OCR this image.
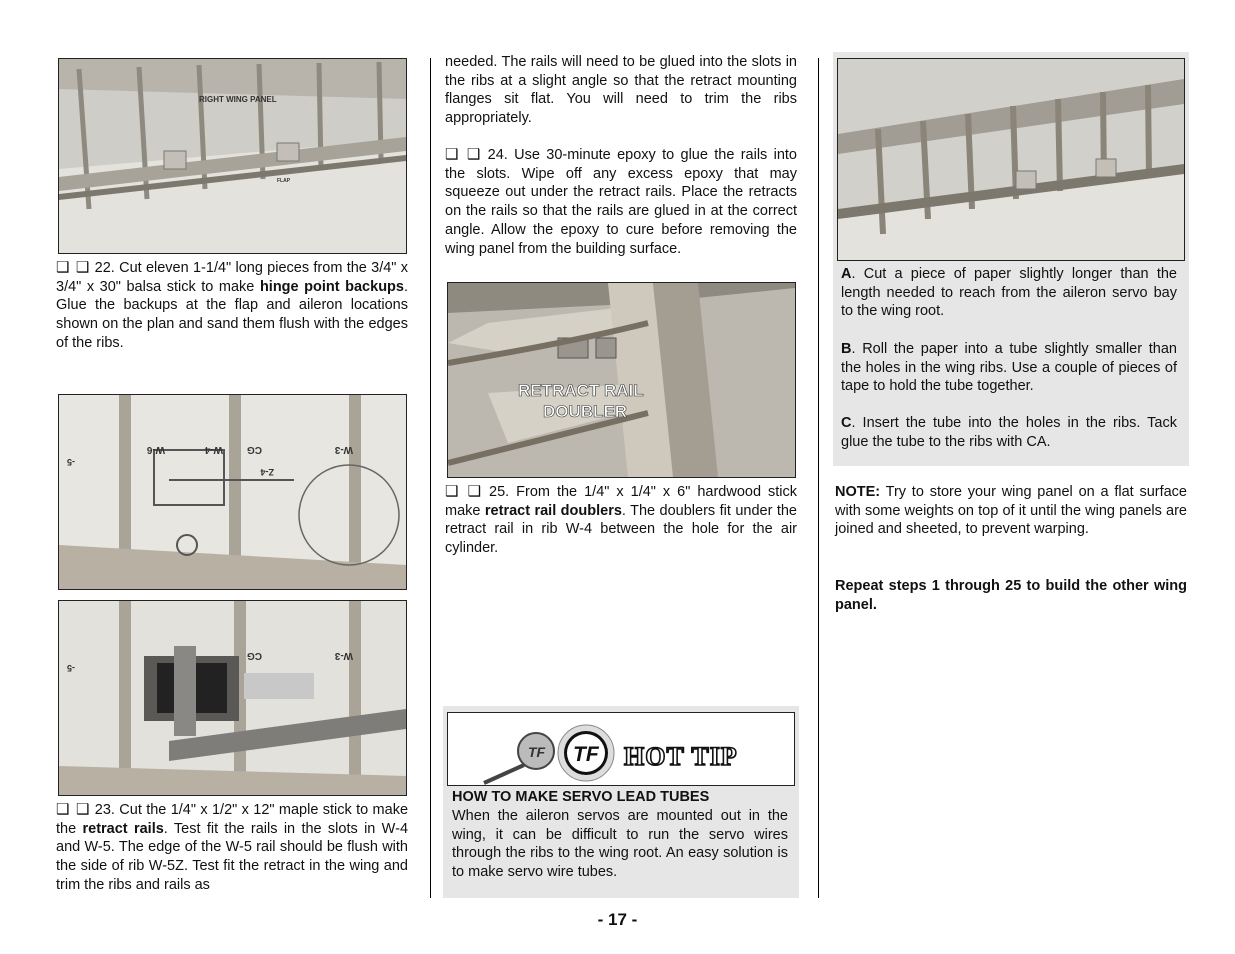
RIGHT WING PANEL
FLAP

❑ ❑ 22. Cut eleven 1-1/4" long pieces from the 3/4" x 3/4" x 30" balsa stick to make hinge point backups. Glue the backups at the flap and aileron locations shown on the plan and sand them flush with the edges of the ribs.

W-6	W-4 CG	W-3
Z-4
-5
CG	W-3
-5

❑ ❑ 23. Cut the 1/4" x 1/2" x 12" maple stick to make the retract rails. Test fit the rails in the slots in W-4 and W-5. The edge of the W-5 rail should be flush with the side of rib W-5Z. Test fit the retract in the wing and trim the ribs and rails as

needed. The rails will need to be glued into the slots in the ribs at a slight angle so that the retract mounting flanges sit flat. You will need to trim the ribs appropriately.

❑ ❑ 24. Use 30-minute epoxy to glue the rails into the slots. Wipe off any excess epoxy that may squeeze out under the retract rails. Place the retracts on the rails so that the rails are glued in at the correct angle. Allow the epoxy to cure before removing the wing panel from the building surface.

RETRACT RAIL
DOUBLER

❑ ❑ 25. From the 1/4" x 1/4" x 6" hardwood stick make retract rail doublers. The doublers fit under the retract rail in rib W-4 between the hole for the air cylinder.

TF TF HOT TIP
HOW TO MAKE SERVO LEAD TUBES

When the aileron servos are mounted out in the wing, it can be difficult to run the servo wires through the ribs to the wing root. An easy solution is to make servo wire tubes.

A. Cut a piece of paper slightly longer than the length needed to reach from the aileron servo bay to the wing root.

B. Roll the paper into a tube slightly smaller than the holes in the wing ribs. Use a couple of pieces of tape to hold the tube together.

C. Insert the tube into the holes in the ribs. Tack glue the tube to the ribs with CA.

NOTE: Try to store your wing panel on a flat surface with some weights on top of it until the wing panels are joined and sheeted, to prevent warping.

Repeat steps 1 through 25 to build the other wing panel.

- 17 -
